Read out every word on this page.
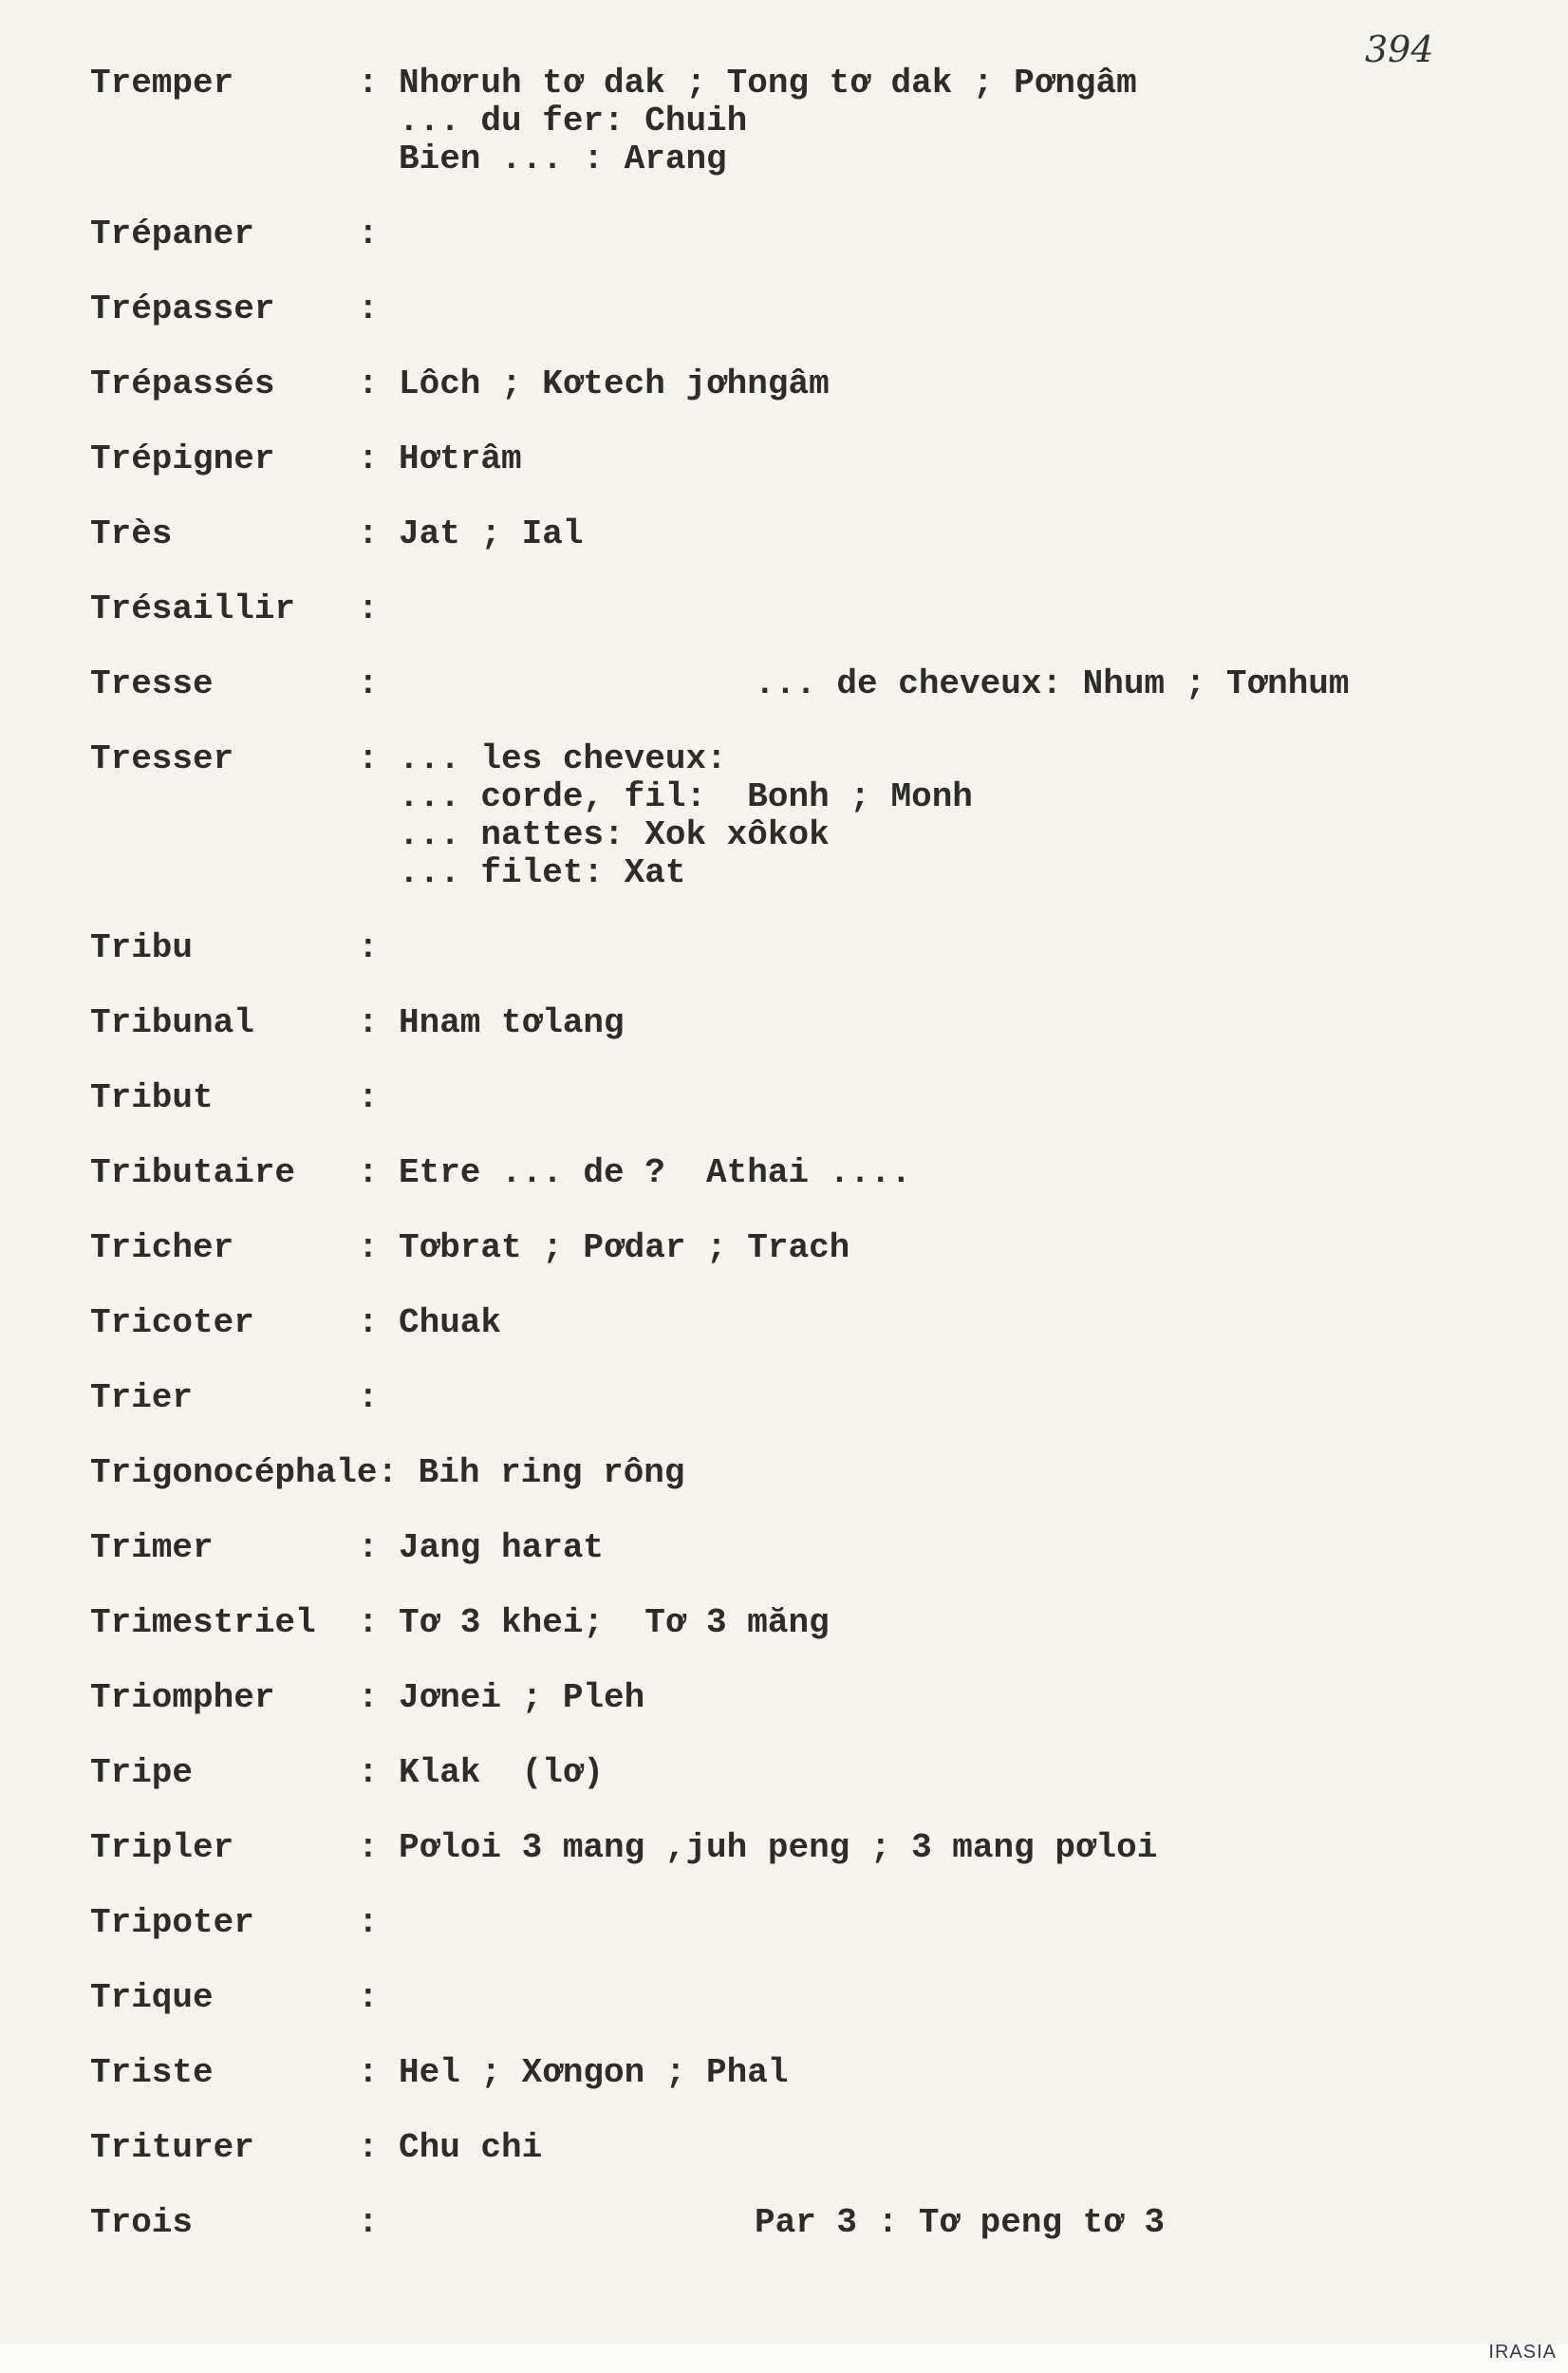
394
Tremper	: Nhơruh tơ dak ; Tong tơ dak ; Pơngâm
... du fer: Chuih
Bien ... : Arang
Trépaner	:
Trépasser :
Trépassés : Lôch ; Kơtech jơhngâm
Trépigner : Hơtrâm
Très	: Jat ; Ial
Trésaillir :
Tresse	:	... de cheveux: Nhum ; Tơnhum
Tresser	: ... les cheveux:
... corde, fil:  Bonh ; Monh
... nattes: Xok xôkok
... filet: Xat
Tribu	:
Tribunal	: Hnam tơlang
Tribut	:
Tributaire : Etre ... de ?  Athai ....
Tricher	: Tơbrat ; Pơdar ; Trach
Tricoter	: Chuak
Trier	:
Trigonocéphale: Bih ring rông
Trimer	: Jang harat
Trimestriel : Tơ 3 khei;  Tơ 3 măng
Triompher : Jơnei ; Pleh
Tripe	: Klak  (lơ)
Tripler	: Pơloi 3 mang ,juh peng ; 3 mang pơloi
Tripoter	:
Trique	:
Triste	: Hel ; Xơngon ; Phal
Triturer	: Chu chi
Trois	:	Par 3 : Tơ peng tơ 3
IRASIA
